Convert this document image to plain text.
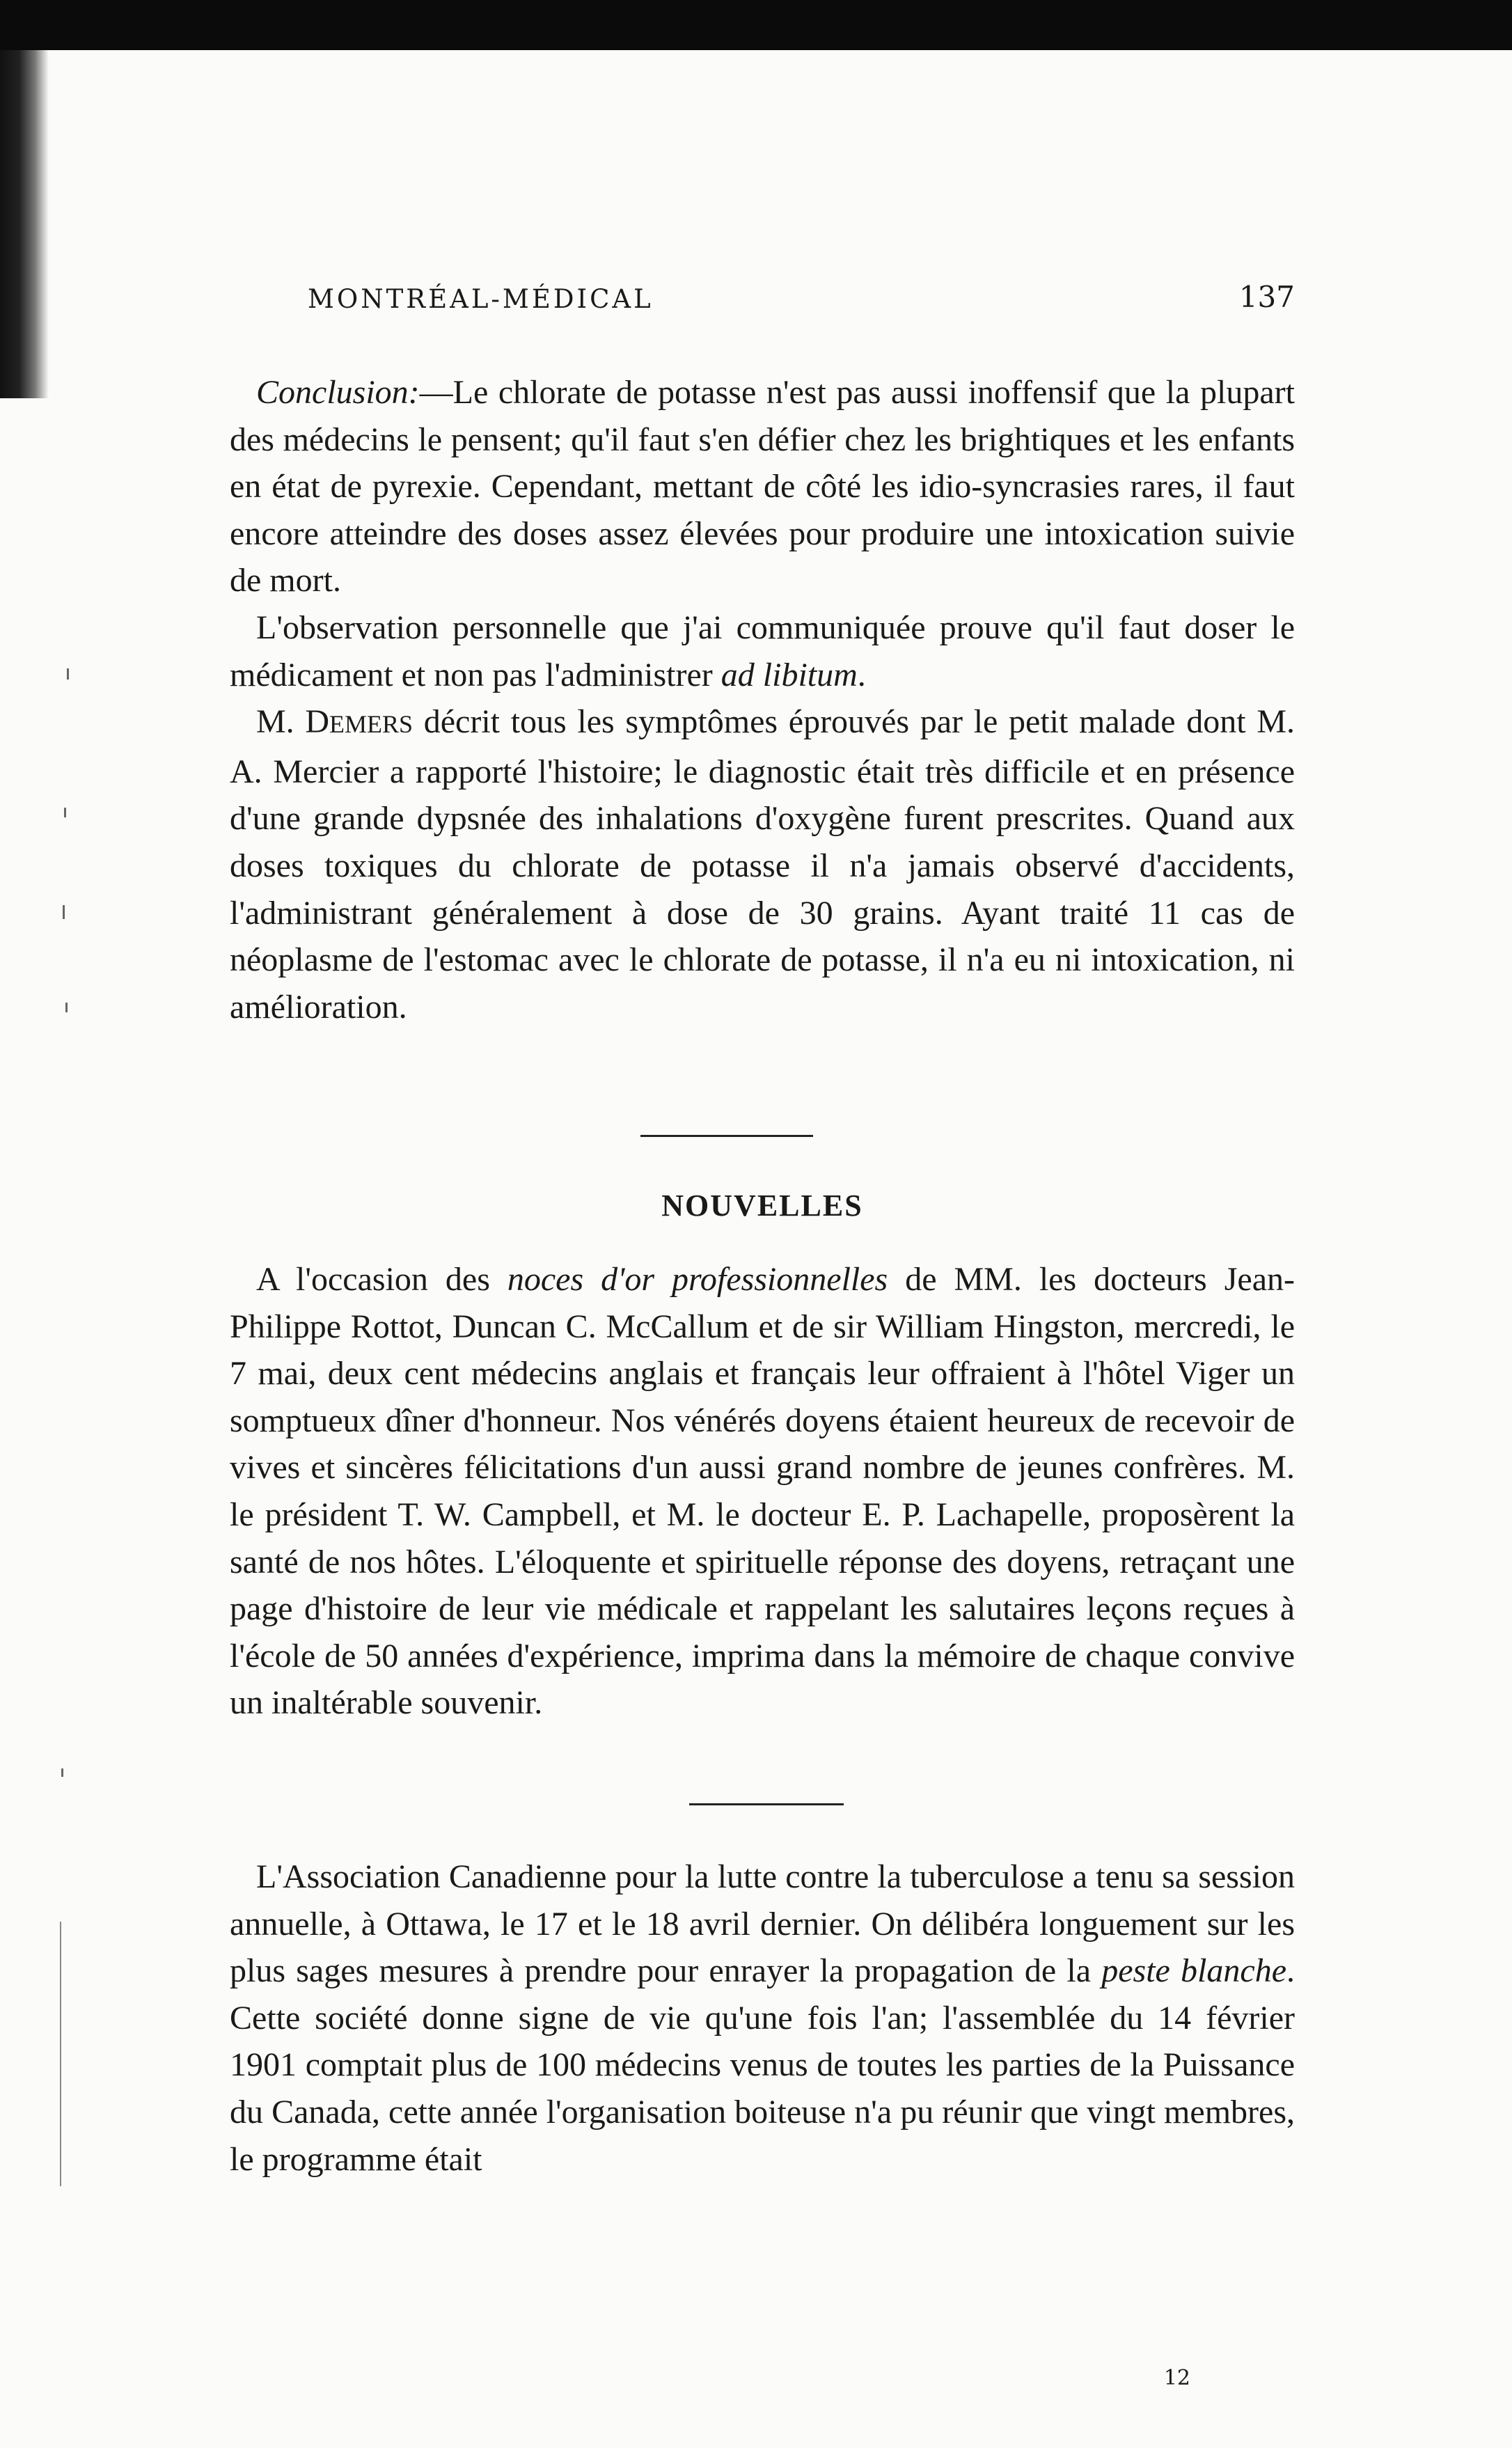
MONTRÉAL-MÉDICAL	137

Conclusion:—Le chlorate de potasse n'est pas aussi inoffensif que la plupart des médecins le pensent; qu'il faut s'en défier chez les brightiques et les enfants en état de pyrexie. Cependant, mettant de côté les idio-syncrasies rares, il faut encore atteindre des doses assez élevées pour produire une intoxication suivie de mort.

L'observation personnelle que j'ai communiquée prouve qu'il faut doser le médicament et non pas l'administrer ad libitum.

M. DEMERS décrit tous les symptômes éprouvés par le petit malade dont M. A. Mercier a rapporté l'histoire; le diagnostic était très difficile et en présence d'une grande dypsnée des inhalations d'oxygène furent prescrites. Quand aux doses toxiques du chlorate de potasse il n'a jamais observé d'accidents, l'administrant généralement à dose de 30 grains. Ayant traité 11 cas de néoplasme de l'estomac avec le chlorate de potasse, il n'a eu ni intoxication, ni amélioration.

NOUVELLES

A l'occasion des noces d'or professionnelles de MM. les docteurs Jean-Philippe Rottot, Duncan C. McCallum et de sir William Hingston, mercredi, le 7 mai, deux cent médecins anglais et français leur offraient à l'hôtel Viger un somptueux dîner d'honneur. Nos vénérés doyens étaient heureux de recevoir de vives et sincères félicitations d'un aussi grand nombre de jeunes confrères. M. le président T. W. Campbell, et M. le docteur E. P. Lachapelle, proposèrent la santé de nos hôtes. L'éloquente et spirituelle réponse des doyens, retraçant une page d'histoire de leur vie médicale et rappelant les salutaires leçons reçues à l'école de 50 années d'expérience, imprima dans la mémoire de chaque convive un inaltérable souvenir.

L'Association Canadienne pour la lutte contre la tuberculose a tenu sa session annuelle, à Ottawa, le 17 et le 18 avril dernier. On délibéra longuement sur les plus sages mesures à prendre pour enrayer la propagation de la peste blanche. Cette société donne signe de vie qu'une fois l'an; l'assemblée du 14 février 1901 comptait plus de 100 médecins venus de toutes les parties de la Puissance du Canada, cette année l'organisation boiteuse n'a pu réunir que vingt membres, le programme était

12
